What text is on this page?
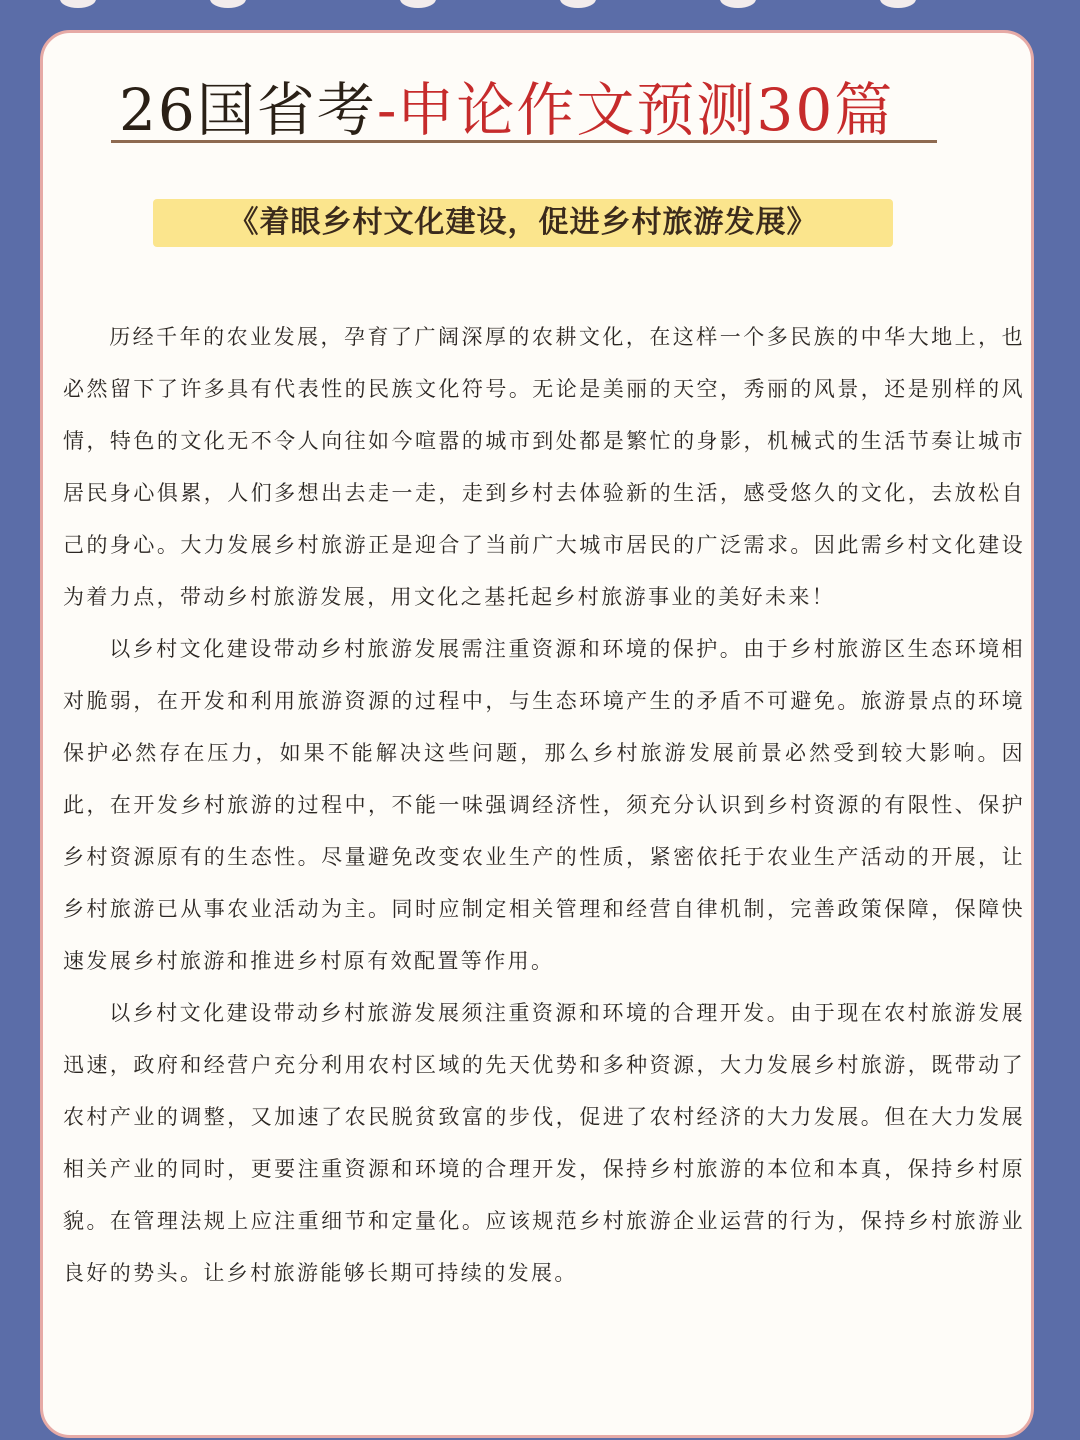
26国省考-申论作文预测30篇
《着眼乡村文化建设，促进乡村旅游发展》

历经千年的农业发展，孕育了广阔深厚的农耕文化，在这样一个多民族的中华大地上，也必然留下了许多具有代表性的民族文化符号。无论是美丽的天空，秀丽的风景，还是别样的风情，特色的文化无不令人向往如今喧嚣的城市到处都是繁忙的身影，机械式的生活节奏让城市居民身心俱累，人们多想出去走一走，走到乡村去体验新的生活，感受悠久的文化，去放松自己的身心。大力发展乡村旅游正是迎合了当前广大城市居民的广泛需求。因此需乡村文化建设为着力点，带动乡村旅游发展，用文化之基托起乡村旅游事业的美好未来！

以乡村文化建设带动乡村旅游发展需注重资源和环境的保护。由于乡村旅游区生态环境相对脆弱，在开发和利用旅游资源的过程中，与生态环境产生的矛盾不可避免。旅游景点的环境保护必然存在压力，如果不能解决这些问题，那么乡村旅游发展前景必然受到较大影响。因此，在开发乡村旅游的过程中，不能一味强调经济性，须充分认识到乡村资源的有限性、保护乡村资源原有的生态性。尽量避免改变农业生产的性质，紧密依托于农业生产活动的开展，让乡村旅游已从事农业活动为主。同时应制定相关管理和经营自律机制，完善政策保障，保障快速发展乡村旅游和推进乡村原有效配置等作用。

以乡村文化建设带动乡村旅游发展须注重资源和环境的合理开发。由于现在农村旅游发展迅速，政府和经营户充分利用农村区域的先天优势和多种资源，大力发展乡村旅游，既带动了农村产业的调整，又加速了农民脱贫致富的步伐，促进了农村经济的大力发展。但在大力发展相关产业的同时，更要注重资源和环境的合理开发，保持乡村旅游的本位和本真，保持乡村原貌。在管理法规上应注重细节和定量化。应该规范乡村旅游企业运营的行为，保持乡村旅游业良好的势头。让乡村旅游能够长期可持续的发展。
